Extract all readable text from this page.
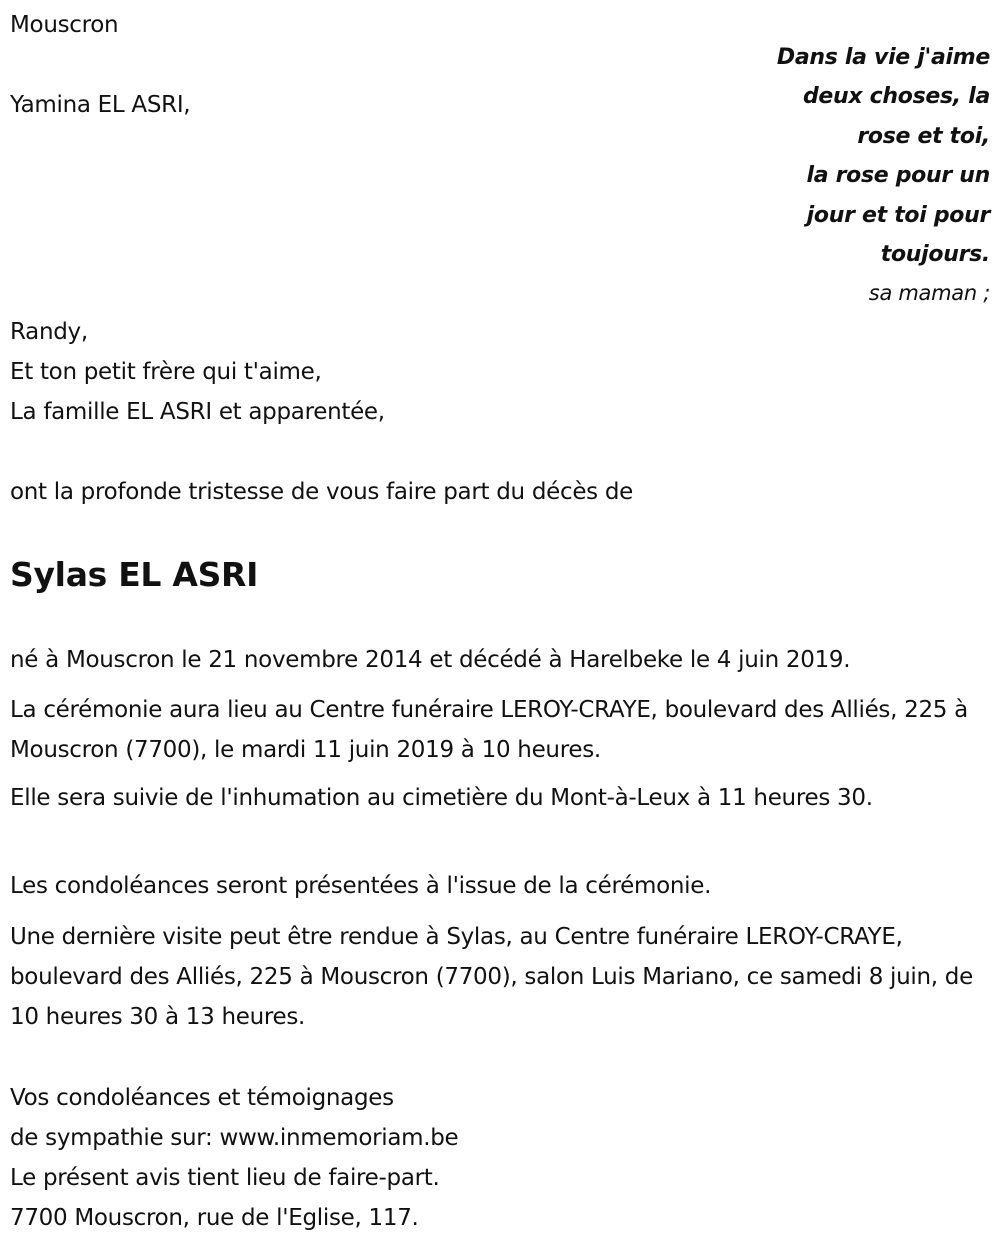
Mouscron
Yamina EL ASRI,
Dans la vie j'aime
deux choses, la
rose et toi,
la rose pour un
jour et toi pour
toujours.
sa maman ;
Randy,
Et ton petit frère qui t'aime,
La famille EL ASRI et apparentée,
ont la profonde tristesse de vous faire part du décès de
Sylas EL ASRI
né à Mouscron le 21 novembre 2014 et décédé à Harelbeke le 4 juin 2019.
La cérémonie aura lieu au Centre funéraire LEROY-CRAYE, boulevard des Alliés, 225 à Mouscron (7700), le mardi 11 juin 2019 à 10 heures.
Elle sera suivie de l'inhumation au cimetière du Mont-à-Leux à 11 heures 30.
Les condoléances seront présentées à l'issue de la cérémonie.
Une dernière visite peut être rendue à Sylas, au Centre funéraire LEROY-CRAYE, boulevard des Alliés, 225 à Mouscron (7700), salon Luis Mariano, ce samedi 8 juin, de 10 heures 30 à 13 heures.
Vos condoléances et témoignages
de sympathie sur: www.inmemoriam.be
Le présent avis tient lieu de faire-part.
7700 Mouscron, rue de l'Eglise, 117.
